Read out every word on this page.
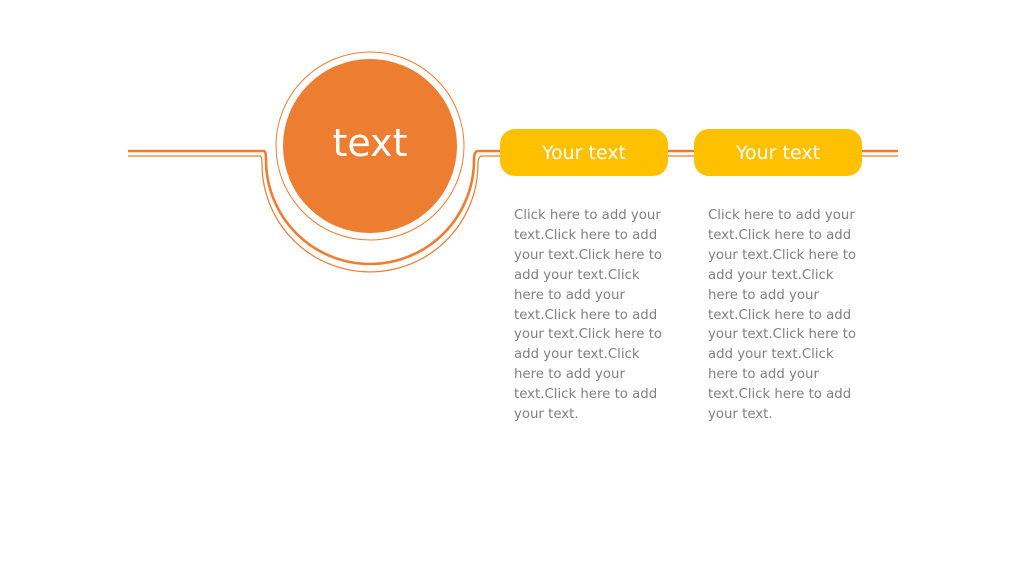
text	Your text	Your text
Click here to add your text.Click here to add your text.Click here to add your text.Click here to add your text.Click here to add your text.Click here to add your text.Click here to add your text.Click here to add your text.
Click here to add your text.Click here to add your text.Click here to add your text.Click here to add your text.Click here to add your text.Click here to add your text.Click here to add your text.Click here to add your text.
